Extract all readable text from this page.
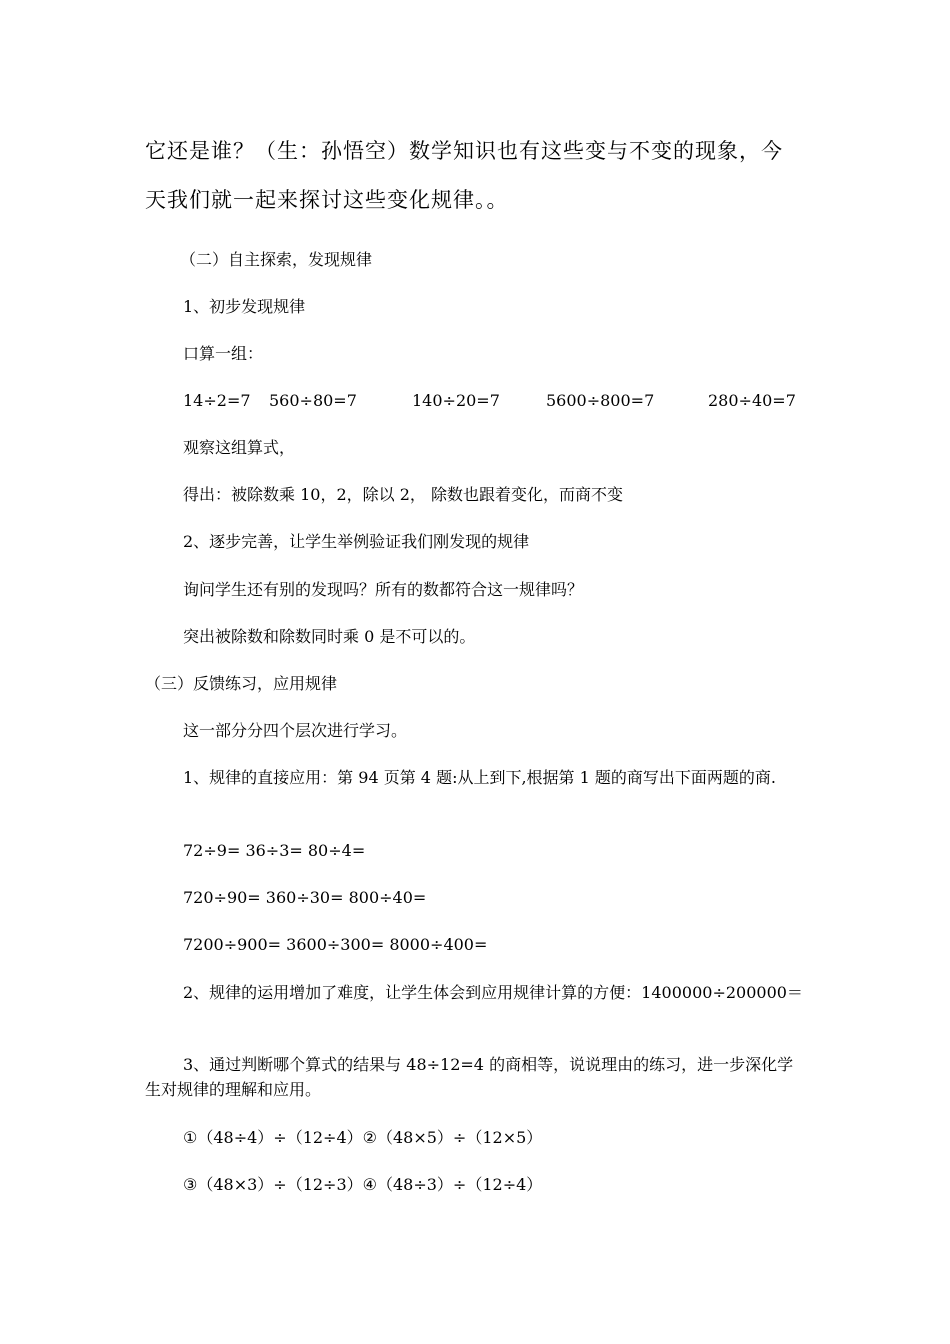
它还是谁？（生：孙悟空）数学知识也有这些变与不变的现象，今
天我们就一起来探讨这些变化规律。。
（二）自主探索，发现规律
1、初步发现规律
口算一组：
14÷2=7 560÷80=7	140÷20=7	5600÷800=7	280÷40=7
观察这组算式，
得出：被除数乘 10，2，除以 2， 除数也跟着变化，而商不变
2、逐步完善，让学生举例验证我们刚发现的规律
询问学生还有别的发现吗？所有的数都符合这一规律吗？
突出被除数和除数同时乘 0 是不可以的。
（三）反馈练习，应用规律
这一部分分四个层次进行学习。
1、规律的直接应用：第 94 页第 4 题:从上到下,根据第 1 题的商写出下面两题的商.
72÷9= 36÷3= 80÷4=
720÷90= 360÷30= 800÷40=
7200÷900= 3600÷300= 8000÷400=
2、规律的运用增加了难度，让学生体会到应用规律计算的方便：1400000÷200000＝
3、通过判断哪个算式的结果与 48÷12=4 的商相等，说说理由的练习，进一步深化学生对规律的理解和应用。
①（48÷4）÷（12÷4）②（48×5）÷（12×5）
③（48×3）÷（12÷3）④（48÷3）÷（12÷4）
